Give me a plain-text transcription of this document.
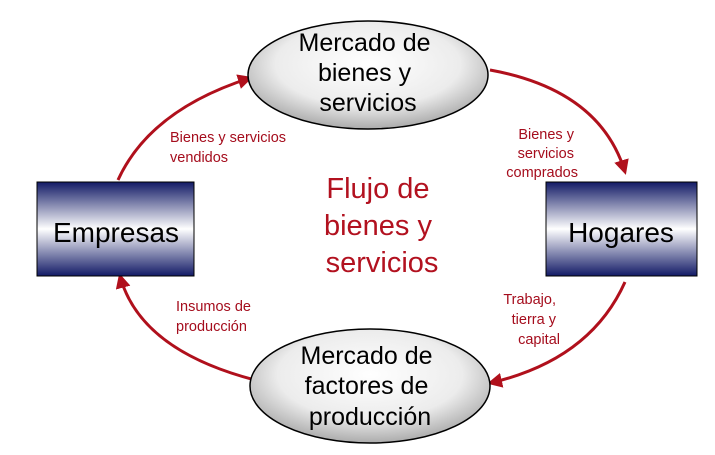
Mercado de bienes y servicios
Mercado de factores de producción
Empresas	Hogares
Flujo de bienes y servicios
Bienes y servicios vendidos
Bienes y servicios comprados
Trabajo, tierra y capital
Insumos de producción
